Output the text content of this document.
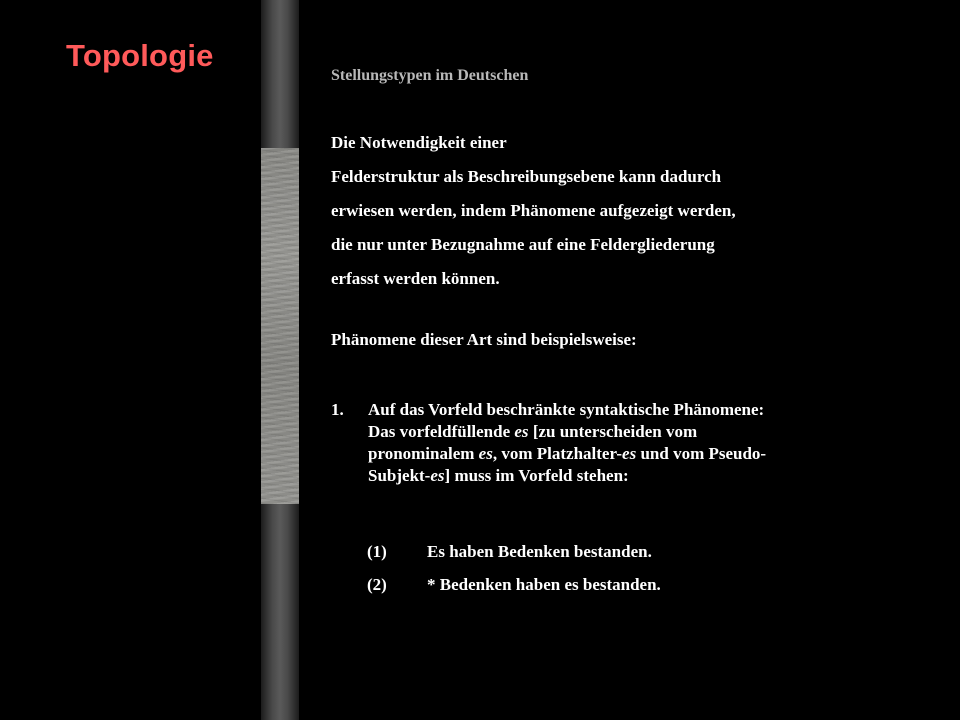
Topologie
Stellungstypen im Deutschen
Die Notwendigkeit einer
Felderstruktur als Beschreibungsebene kann dadurch
erwiesen werden, indem Phänomene aufgezeigt werden,
die nur unter Bezugnahme auf eine Feldergliederung
erfasst werden können.
Phänomene dieser Art sind beispielsweise:
1. Auf das Vorfeld beschränkte syntaktische Phänomene:
Das vorfeldfüllende es [zu unterscheiden vom
pronominalem es, vom Platzhalter-es und vom Pseudo-
Subjekt-es] muss im Vorfeld stehen:
(1) Es haben Bedenken bestanden.
(2) * Bedenken haben es bestanden.
